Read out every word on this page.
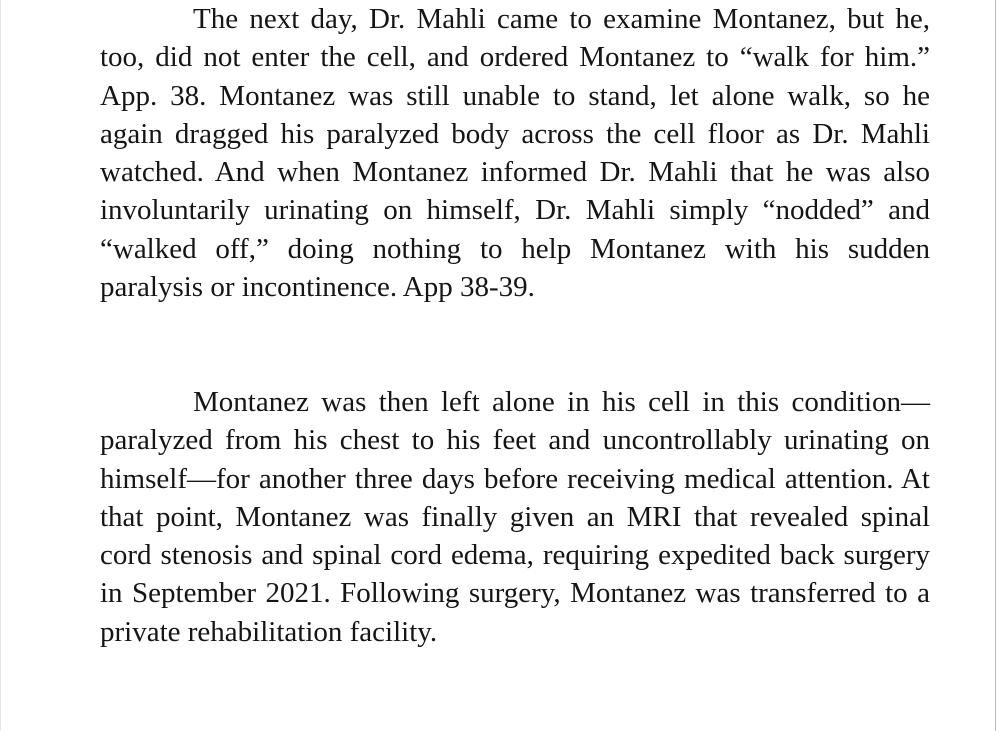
The next day, Dr. Mahli came to examine Montanez, but he, too, did not enter the cell, and ordered Montanez to “walk for him.” App. 38. Montanez was still unable to stand, let alone walk, so he again dragged his paralyzed body across the cell floor as Dr. Mahli watched. And when Montanez informed Dr. Mahli that he was also involuntarily urinating on himself, Dr. Mahli simply “nodded” and “walked off,” doing nothing to help Montanez with his sudden paralysis or incontinence. App 38-39.

Montanez was then left alone in his cell in this condition—paralyzed from his chest to his feet and uncontrollably urinating on himself—for another three days before receiving medical attention. At that point, Montanez was finally given an MRI that revealed spinal cord stenosis and spinal cord edema, requiring expedited back surgery in September 2021. Following surgery, Montanez was transferred to a private rehabilitation facility.
